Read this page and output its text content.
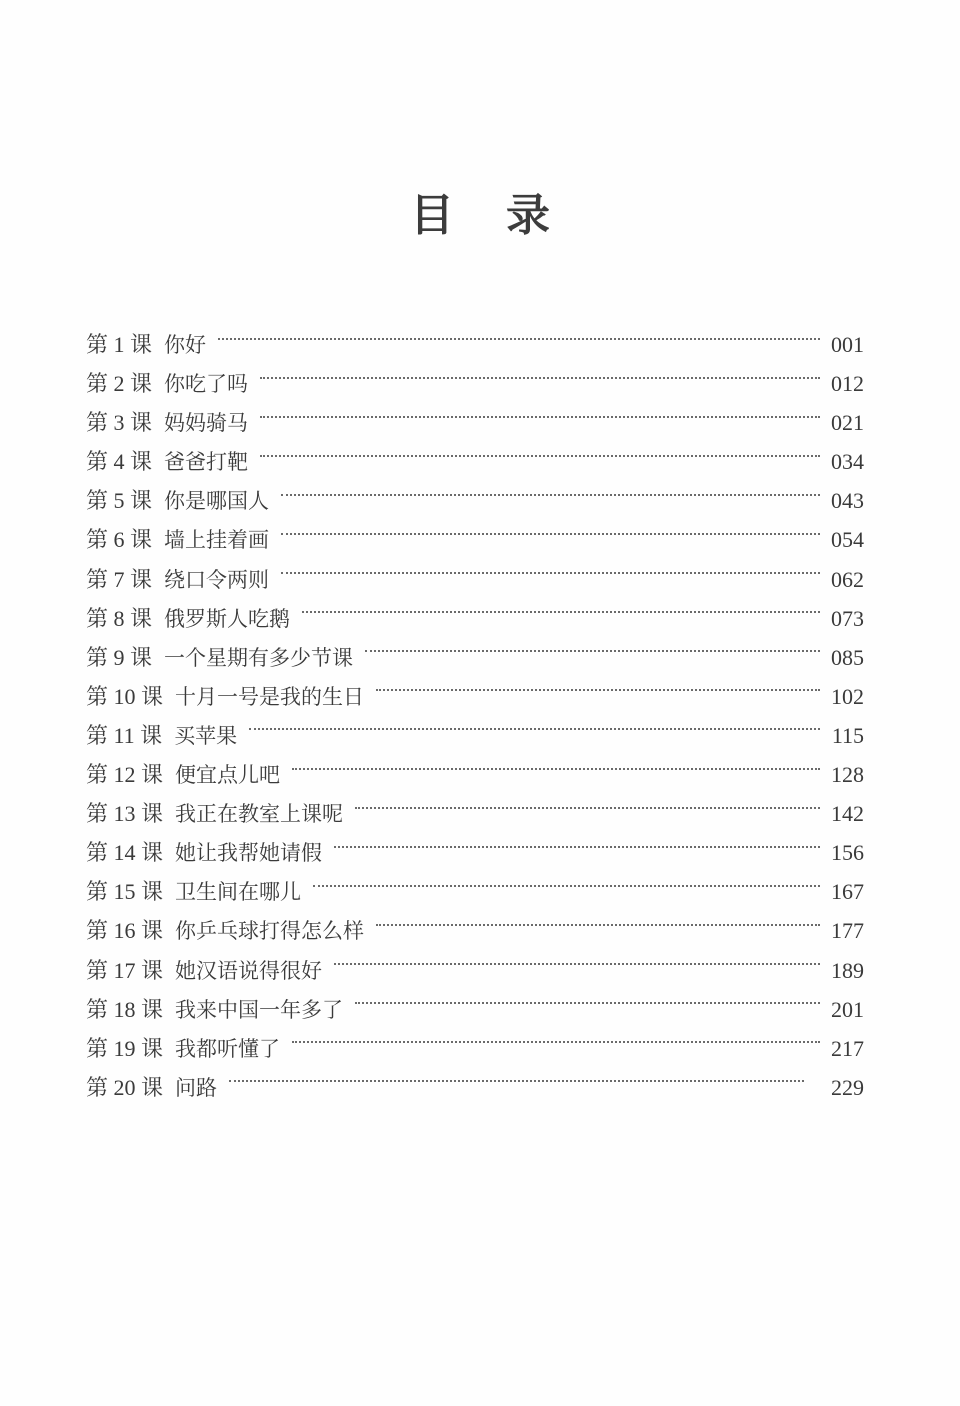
目 录
第 1 课 你好	001
第 2 课 你吃了吗	012
第 3 课 妈妈骑马	021
第 4 课 爸爸打靶	034
第 5 课 你是哪国人	043
第 6 课 墙上挂着画	054
第 7 课 绕口令两则	062
第 8 课 俄罗斯人吃鹅	073
第 9 课 一个星期有多少节课	085
第 10 课 十月一号是我的生日	102
第 11 课 买苹果	115
第 12 课 便宜点儿吧	128
第 13 课 我正在教室上课呢	142
第 14 课 她让我帮她请假	156
第 15 课 卫生间在哪儿	167
第 16 课 你乒乓球打得怎么样	177
第 17 课 她汉语说得很好	189
第 18 课 我来中国一年多了	201
第 19 课 我都听懂了	217
第 20 课 问路	229
